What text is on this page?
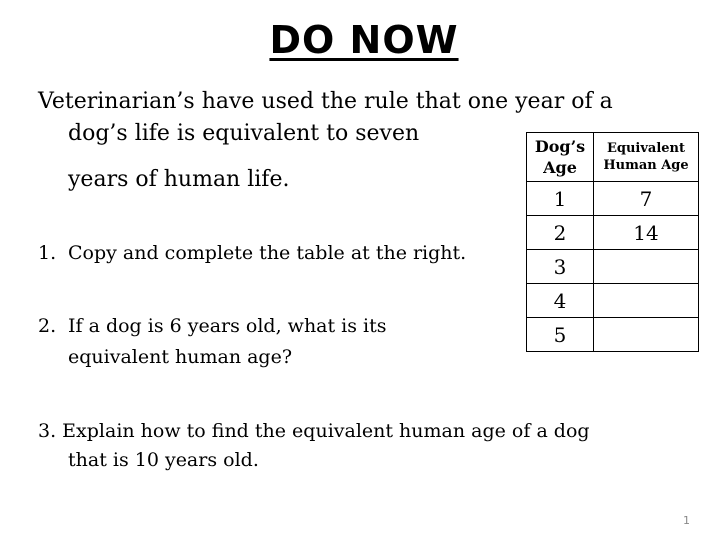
DO NOW
Veterinarian’s have used the rule that one year of a
dog’s life is equivalent to seven
years of human life.
1. Copy and complete the table at the right.
2. If a dog is 6 years old, what is its
equivalent human age?
3. Explain how to find the equivalent human age of a dog
that is 10 years old.
Dog’s Age	Equivalent Human Age
1	7
2	14
3	
4	
5	
1
